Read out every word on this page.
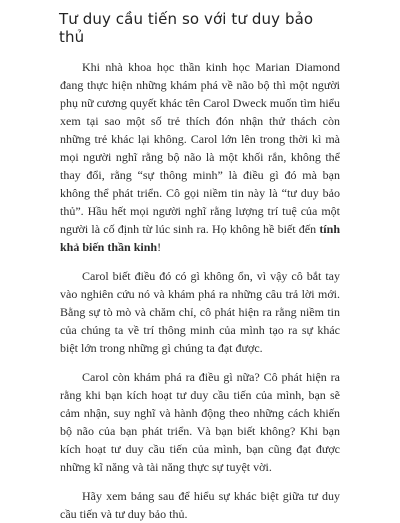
Tư duy cầu tiến so với tư duy bảo thủ

Khi nhà khoa học thần kinh học Marian Diamond đang thực hiện những khám phá về não bộ thì một người phụ nữ cương quyết khác tên Carol Dweck muốn tìm hiểu xem tại sao một số trẻ thích đón nhận thử thách còn những trẻ khác lại không. Carol lớn lên trong thời kì mà mọi người nghĩ rằng bộ não là một khối rắn, không thể thay đổi, rằng “sự thông minh” là điều gì đó mà bạn không thể phát triển. Cô gọi niềm tin này là “tư duy bảo thủ”. Hầu hết mọi người nghĩ rằng lượng trí tuệ của một người là cố định từ lúc sinh ra. Họ không hề biết đến tính khả biến thần kinh!

Carol biết điều đó có gì không ổn, vì vậy cô bắt tay vào nghiên cứu nó và khám phá ra những câu trả lời mới. Bằng sự tò mò và chăm chỉ, cô phát hiện ra rằng niềm tin của chúng ta về trí thông minh của mình tạo ra sự khác biệt lớn trong những gì chúng ta đạt được.

Carol còn khám phá ra điều gì nữa? Cô phát hiện ra rằng khi bạn kích hoạt tư duy cầu tiến của mình, bạn sẽ cảm nhận, suy nghĩ và hành động theo những cách khiến bộ não của bạn phát triển. Và bạn biết không? Khi bạn kích hoạt tư duy cầu tiến của mình, bạn cũng đạt được những kĩ năng và tài năng thực sự tuyệt vời.

Hãy xem bảng sau để hiểu sự khác biệt giữa tư duy cầu tiến và tư duy bảo thủ.
